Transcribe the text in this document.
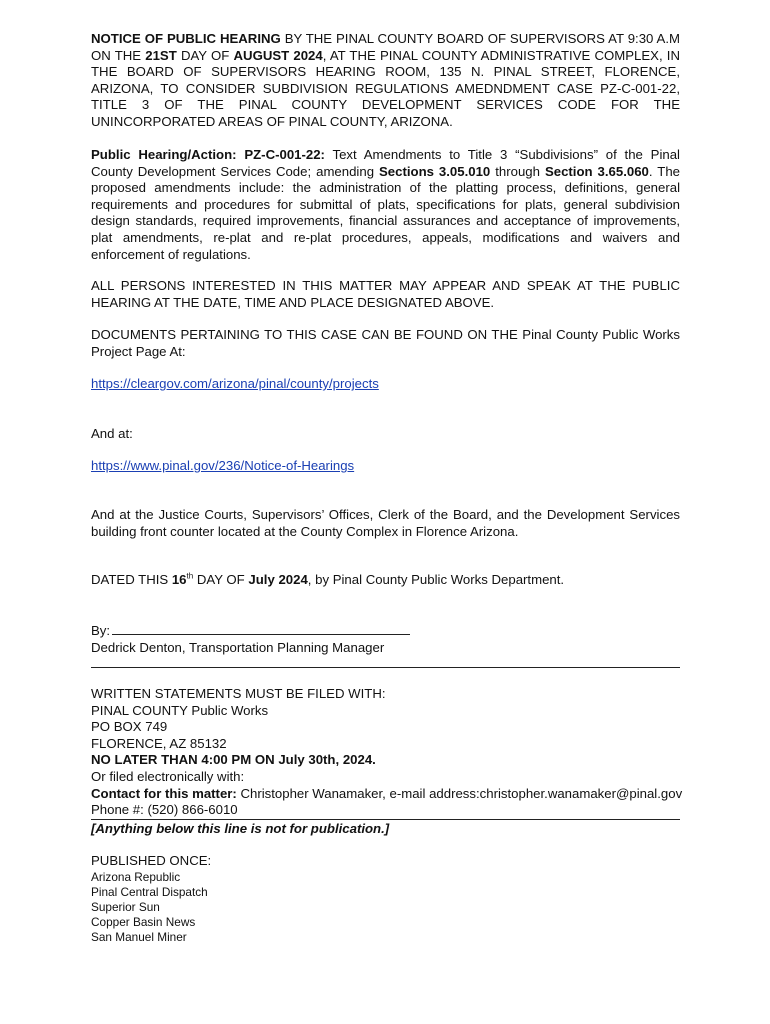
NOTICE OF PUBLIC HEARING BY THE PINAL COUNTY BOARD OF SUPERVISORS AT 9:30 A.M ON THE 21ST DAY OF AUGUST 2024, AT THE PINAL COUNTY ADMINISTRATIVE COMPLEX, IN THE BOARD OF SUPERVISORS HEARING ROOM, 135 N. PINAL STREET, FLORENCE, ARIZONA, TO CONSIDER SUBDIVISION REGULATIONS AMEDNDMENT CASE PZ-C-001-22, TITLE 3 OF THE PINAL COUNTY DEVELOPMENT SERVICES CODE FOR THE UNINCORPORATED AREAS OF PINAL COUNTY, ARIZONA.

Public Hearing/Action: PZ-C-001-22: Text Amendments to Title 3 “Subdivisions” of the Pinal County Development Services Code; amending Sections 3.05.010 through Section 3.65.060. The proposed amendments include: the administration of the platting process, definitions, general requirements and procedures for submittal of plats, specifications for plats, general subdivision design standards, required improvements, financial assurances and acceptance of improvements, plat amendments, re-plat and re-plat procedures, appeals, modifications and waivers and enforcement of regulations.

ALL PERSONS INTERESTED IN THIS MATTER MAY APPEAR AND SPEAK AT THE PUBLIC HEARING AT THE DATE, TIME AND PLACE DESIGNATED ABOVE.

DOCUMENTS PERTAINING TO THIS CASE CAN BE FOUND ON THE Pinal County Public Works Project Page At:

https://cleargov.com/arizona/pinal/county/projects

And at:

https://www.pinal.gov/236/Notice-of-Hearings

And at the Justice Courts, Supervisors’ Offices, Clerk of the Board, and the Development Services building front counter located at the County Complex in Florence Arizona.

DATED THIS 16th DAY OF July 2024, by Pinal County Public Works Department.

By:

Dedrick Denton, Transportation Planning Manager

WRITTEN STATEMENTS MUST BE FILED WITH:

PINAL COUNTY Public Works

PO BOX 749

FLORENCE, AZ 85132

NO LATER THAN 4:00 PM ON July 30th, 2024.

Or filed electronically with:

Contact for this matter: Christopher Wanamaker, e-mail address:christopher.wanamaker@pinal.gov

Phone #: (520) 866-6010

[Anything below this line is not for publication.]

PUBLISHED ONCE:

Arizona Republic

Pinal Central Dispatch

Superior Sun

Copper Basin News

San Manuel Miner
